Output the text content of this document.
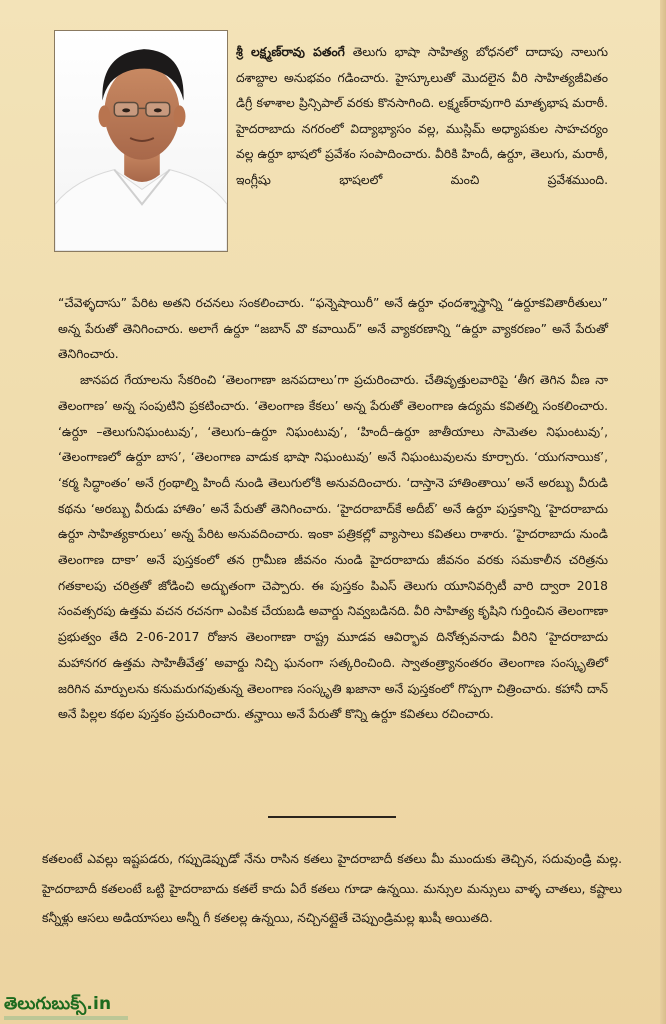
శ్రీ లక్ష్మణ్‌రావు పతంగే తెలుగు భాషా సాహిత్య బోధనలో దాదాపు నాలుగు దశాబ్దాల అనుభవం గడించారు. హైస్కూలుతో మొదలైన వీరి సాహిత్యజీవితం డిగ్రీ కళాశాల ప్రిన్సిపాల్ వరకు కొనసాగింది. లక్ష్మణ్‌రావుగారి మాతృభాష మరాఠీ. హైదరాబాదు నగరంలో విద్యాభ్యాసం వల్ల, ముస్లిమ్ అధ్యాపకుల సాహచర్యం వల్ల ఉర్దూ భాషలో ప్రవేశం సంపాదించారు. వీరికి హిందీ, ఉర్దూ, తెలుగు, మరాఠీ, ఇంగ్లీషు భాషలలో మంచి ప్రవేశముంది.

“చేవెళ్ళదాసు” పేరిట అతని రచనలు సంకలించారు. “ఫన్నెషాయిరీ” అనే ఉర్దూ ఛందశ్శాస్త్రాన్ని “ఉర్దూకవితారీతులు” అన్న పేరుతో తెనిగించారు. అలాగే ఉర్దూ “జబాన్ వొ కవాయిద్” అనే వ్యాకరణాన్ని “ఉర్దూ వ్యాకరణం” అనే పేరుతో తెనిగించారు.

జానపద గేయాలను సేకరించి ‘తెలంగాణా జనపదాలు’గా ప్రచురించారు. చేతివృత్తులవారిపై ‘తీగ తెగిన వీణ నా తెలంగాణ’ అన్న సంపుటిని ప్రకటించారు. ‘తెలంగాణ కేకలు’ అన్న పేరుతో తెలంగాణ ఉద్యమ కవితల్ని సంకలించారు. ‘ఉర్దూ –తెలుగునిఘంటువు’, ‘తెలుగు–ఉర్దూ నిఘంటువు’, ‘హిందీ–ఉర్దూ జాతీయాలు సామెతల నిఘంటువు’, ‘తెలంగాణలో ఉర్దూ బాస’, ‘తెలంగాణ వాడుక భాషా నిఘంటువు’ అనే నిఘంటువులను కూర్చారు. ‘యుగనాయిక’, ‘కర్మ సిద్ధాంతం’ అనే గ్రంథాల్ని హిందీ నుండి తెలుగులోకి అనువదించారు. ‘దాస్తానె హాతింతాయి’ అనే అరబ్బు వీరుడి కథను ‘అరబ్బు వీరుడు హాతిం’ అనే పేరుతో తెనిగించారు. ‘హైదరాబాద్‌కే అదీబ్’ అనే ఉర్దూ పుస్తకాన్ని ‘హైదరాబాదు ఉర్దూ సాహిత్యకారులు’ అన్న పేరిట అనువదించారు. ఇంకా పత్రికల్లో వ్యాసాలు కవితలు రాశారు. ‘హైదరాబాదు నుండి తెలంగాణ దాకా’ అనే పుస్తకంలో తన గ్రామీణ జీవనం నుండి హైదరాబాదు జీవనం వరకు సమకాలీన చరిత్రను గతకాలపు చరిత్రతో జోడించి అద్భుతంగా చెప్పారు. ఈ పుస్తకం పిఎస్ తెలుగు యూనివర్సిటీ వారి ద్వారా 2018 సంవత్సరపు ఉత్తమ వచన రచనగా ఎంపిక చేయబడి అవార్డు నివ్వబడినది. వీరి సాహిత్య కృషిని గుర్తించిన తెలంగాణా ప్రభుత్వం తేది 2-06-2017 రోజున తెలంగాణా రాష్ట్ర మూడవ ఆవిర్భావ దినోత్సవనాడు వీరిని ‘హైదరాబాదు మహానగర ఉత్తమ సాహితీవేత్త’ అవార్డు నిచ్చి ఘనంగా సత్కరించింది. స్వాతంత్ర్యానంతరం తెలంగాణ సంస్కృతిలో జరిగిన మార్పులను కనుమరుగవుతున్న తెలంగాణ సంస్కృతి ఖజానా అనే పుస్తకంలో గొప్పగా చిత్రించారు. కహానీ దాన్ అనే పిల్లల కథల పుస్తకం ప్రచురించారు. తన్హాయి అనే పేరుతో కొన్ని ఉర్దూ కవితలు రచించారు.

కతలంటే ఎవల్లు ఇష్టపడరు, గప్పుడెప్పుడో నేను రాసిన కతలు హైదరాబాదీ కతలు మీ ముందుకు తెచ్చిన, సదువుండ్రి మల్ల. హైదరాబాదీ కతలంటే ఒట్టి హైదరాబాదు కతలే కాదు ఏరే కతలు గూడా ఉన్నయి. మన్సుల మన్సులు వాళ్ళ చాతలు, కష్టాలు కన్నీళ్లు ఆసలు అడియాసలు అన్నీ గీ కతలల్ల ఉన్నయి, నచ్చినట్లైతే చెప్పుండ్రిమల్ల ఖుషీ అయితది.
తెలుగుబుక్స్.in
